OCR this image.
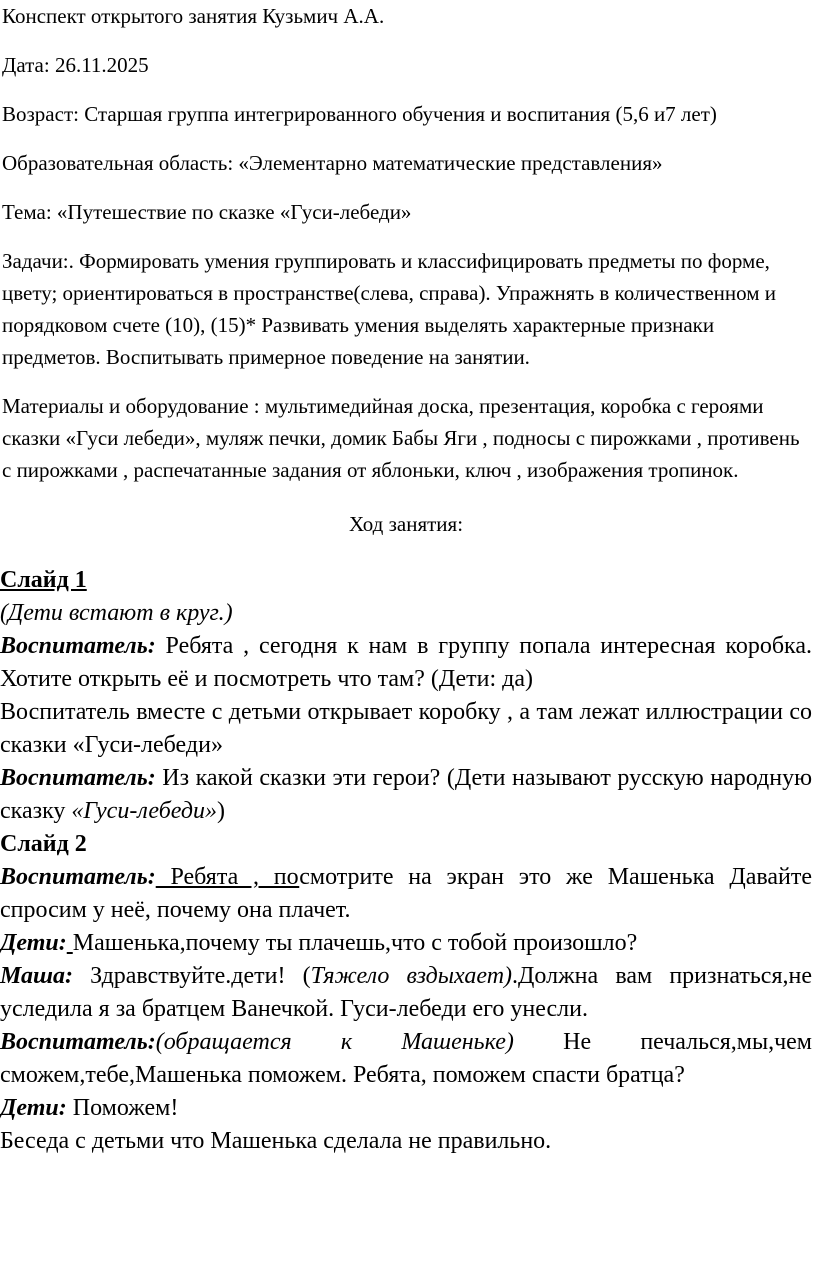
Конспект открытого занятия Кузьмич А.А.

Дата: 26.11.2025

Возраст: Старшая группа интегрированного обучения и воспитания (5,6 и7 лет)

Образовательная область: «Элементарно математические представления»

Тема: «Путешествие по сказке «Гуси-лебеди»

Задачи:. Формировать умения группировать и классифицировать предметы по форме, цвету; ориентироваться в пространстве(слева, справа). Упражнять в количественном и порядковом счете (10), (15)* Развивать умения выделять характерные признаки предметов. Воспитывать примерное поведение на занятии.

Материалы и оборудование : мультимедийная доска, презентация, коробка с героями сказки «Гуси лебеди», муляж печки, домик Бабы Яги , подносы с пирожками , противень с пирожками , распечатанные задания от яблоньки, ключ , изображения тропинок.

Ход занятия:

Слайд 1

(Дети встают в круг.)

Воспитатель: Ребята , сегодня к нам в группу попала интересная коробка. Хотите открыть её и посмотреть что там? (Дети: да)

Воспитатель вместе с детьми открывает коробку , а там лежат иллюстрации со сказки «Гуси-лебеди»

Воспитатель: Из какой сказки эти герои? (Дети называют русскую народную сказку «Гуси-лебеди»)

Слайд 2

Воспитатель: Ребята , посмотрите на экран это же Машенька Давайте спросим у неё, почему она плачет.

Дети: Машенька,почему ты плачешь,что с тобой произошло?

Маша: Здравствуйте.дети! (Тяжело вздыхает).Должна вам признаться,не уследила я за братцем Ванечкой. Гуси-лебеди его унесли.

Воспитатель:(обращается к Машеньке) Не печалься,мы,чем сможем,тебе,Машенька поможем. Ребята, поможем спасти братца?

Дети: Поможем!

Беседа с детьми что Машенька сделала не правильно.
